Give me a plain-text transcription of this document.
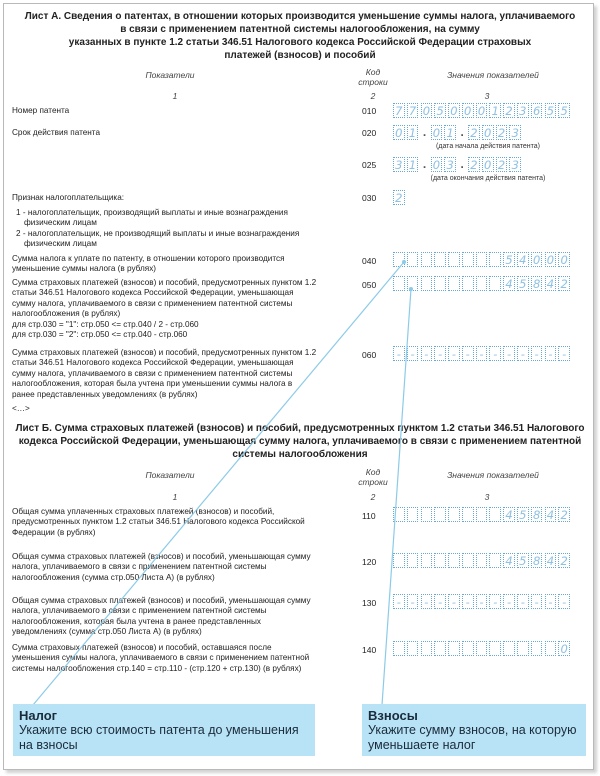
Лист А. Сведения о патентах, в отношении которых производится уменьшение суммы налога, уплачиваемого
в связи с применением патентной системы налогообложения, на сумму
указанных в пункте 1.2 статьи 346.51 Налогового кодекса Российской Федерации страховых
платежей (взносов) и пособий
Показатели	Код строки
Значения показателей
1	2	3
Номер патента	010 7 7 0 5 0 0 0 1 2 3 6 5 5
Срок действия патента	020 0 1 . 0 1 . 2 0 2 3
(дата начала действия патента)
025 3 1 . 0 3 . 2 0 2 3
(дата окончания действия патента)
Признак налогоплательщика:
1 - налогоплательщик, производящий выплаты и иные вознаграждения
физическим лицам
2 - налогоплательщик, не производящий выплаты и иные вознаграждения
физическим лицам
030 2
Сумма налога к уплате по патенту, в отношении которого производится
уменьшение суммы налога (в рублях)
040	5 4 0 0 0
Сумма страховых платежей (взносов) и пособий, предусмотренных пунктом 1.2
статьи 346.51 Налогового кодекса Российской Федерации, уменьшающая
сумму налога, уплачиваемого в связи с применением патентной системы
налогообложения (в рублях)
для стр.030 = "1": стр.050 <= стр.040 / 2 - стр.060
для стр.030 = "2": стр.050 <= стр.040 - стр.060
050	4 5 8 4 2
Сумма страховых платежей (взносов) и пособий, предусмотренных пунктом 1.2
статьи 346.51 Налогового кодекса Российской Федерации, уменьшающая
сумму налога, уплачиваемого в связи с применением патентной системы
налогообложения, которая была учтена при уменьшении суммы налога в
ранее представленных уведомлениях (в рублях)
060	- - - - - - - - - - - - -
<…>
Лист Б. Сумма страховых платежей (взносов) и пособий, предусмотренных пунктом 1.2 статьи 346.51 Налогового
кодекса Российской Федерации, уменьшающая сумму налога, уплачиваемого в связи с применением патентной
системы налогообложения
Показатели	Код строки
Значения показателей
1	2	3
Общая сумма уплаченных страховых платежей (взносов) и пособий,
предусмотренных пунктом 1.2 статьи 346.51 Налогового кодекса Российской
Федерации (в рублях)
110	4 5 8 4 2
Общая сумма страховых платежей (взносов) и пособий, уменьшающая сумму
налога, уплачиваемого в связи с применением патентной системы
налогообложения (сумма стр.050 Листа А) (в рублях)
120	4 5 8 4 2
Общая сумма страховых платежей (взносов) и пособий, уменьшающая сумму
налога, уплачиваемого в связи с применением патентной системы
налогообложения, которая была учтена в ранее представленных
уведомлениях (сумма стр.050 Листа А) (в рублях)
130	- - - - - - - - - - - - -
Сумма страховых платежей (взносов) и пособий, оставшаяся после
уменьшения суммы налога, уплачиваемого в связи с применением патентной
системы налогообложения стр.140 = стр.110 - (стр.120 + стр.130) (в рублях)
140	0
Налог
Укажите всю стоимость патента до уменьшения
на взносы
Взносы
Укажите сумму взносов, на которую
уменьшаете налог
